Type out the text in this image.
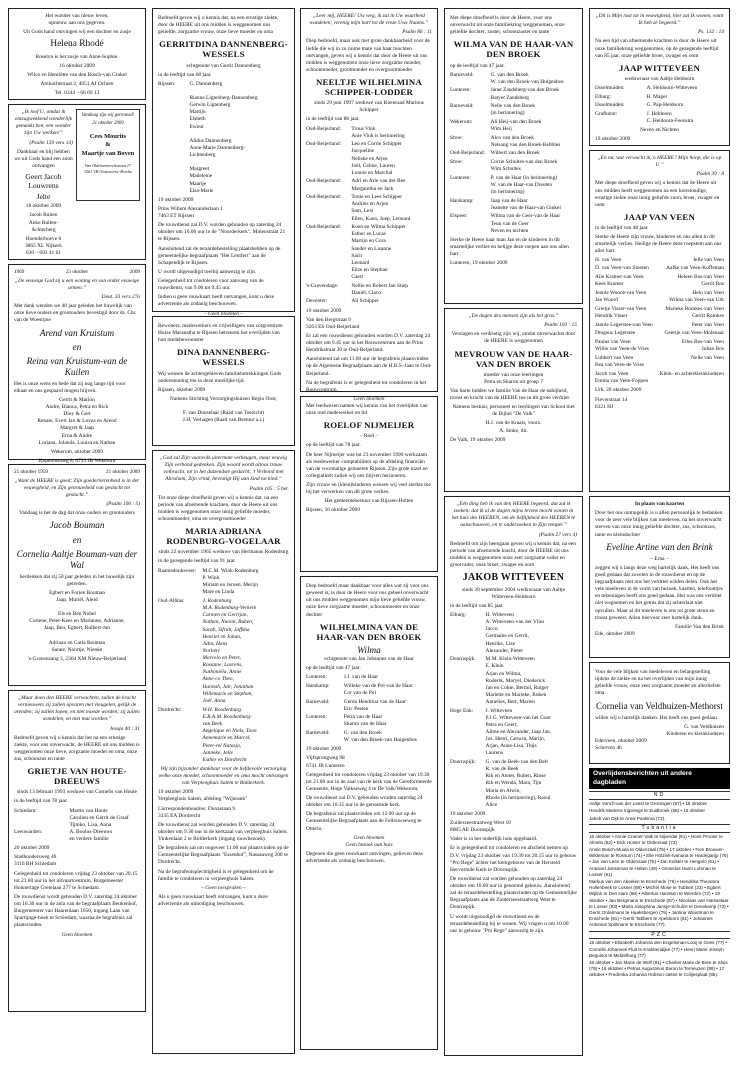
Het wonder van nieuw leven,
opnieuw aan ons gegeven.
Uit Gods hand ontvingen wij een dochter en zusje
Helena Rhodé
Roselyn is het zusje van Anne-Sophie.
16 oktober 2009
Wilco en Henriëtte van den Bosch-van Ginkel
Ambachtstraat 2, 4051 AJ Ochten
Tel. 0344 – 66 69 13
„Ik loof U, omdat ik ontzagwekkend wonderlijk gemaakt ben, een wonder zijn Uw werken!”
(Psalm 139 vers 14)
Dankbaar en blij hebben we uit Gods hand een zoon ontvangen
Geert Jacob
Louwrens
Jelte
18 oktober 2009
Jacob Ruiten
Anke Ruiten-
Achterberg
Hoenderhoeve 6
3865 XL Nijkerk
030 – 693 41 61
Vandaag zijn wij getrouwd!
21 oktober 2009
Cees Mourits
&
Maartje van Boven
Van Oldebarneveltstraat 17
3261 VB Oostvoorne-Brielse
1969	23 oktober	2009
„De eeuwige God zij u een woning en van onder eeuwige armen.”
Deut. 33 vers 27a
Met dank wenden we 40 jaar geleden het huwelijk van onze lieve ouders en grootouders bevestigd door ds. Chr. van de Woestijne
Arend van Kruistum
en
Reina van Kruistum-van de Kuilen
Het is onze wens en bede dat zij nog lange tijd voor elkaar en ons gespaard mogen blijven.
Gerrit & Marion
Andre, Bianca, Petra en Rick
Diny & Gert
Renate, Evert Jan & Lovea en Arend
Margret & Jaap
Erna & Andre
Loriana, Jolanda, Louisa en Nathan
Wekerom, oktober 2009
Koperenstoeg 8, 6733 JB Wekerom
21 oktober 1959	21 oktober 2009
„Want de HEERE is goed; Zijn goedertierenheid is in der eeuwigheid, en Zijn getrouwheid van geslacht tot geslacht.”
(Psalm 100 : 5)
Vandaag is het de dag dat onze ouders en grootouders
Jacob Bouman
en
Cornelia Aaltje Bouman-van der Wal
herdenken dat zij 50 jaar geleden in het huwelijk zijn getreden.
Egbert en Forien Bouman
Jaap, Muriël, Aleid

Els en Ben Nobel
Corlene, Peter-Kees en Marianne, Adrianne,
Jaap, Ben, Egbert, Rulbert-Jan

Adriaan en Carla Bouman
Sanne, Noortje, Nienke
's-Gravenzang 3, 2364 XM Nieuw-Beijerland
„Maar doen den HEERE verwachten, zullen de kracht vernieuwen; zij zullen opvaren met vleugelen, gelijk de arenden; zij zullen lopen, en niet moede worden; zij zullen wandelen, en niet mat worden.”
Jesaja 40 : 31
Bedroefd geven wij u kennis dat het na een ernstige ziekte, voor ons onverwacht, de HEERE uit ons midden is weggenomen onze lieve, zorgzame moeder en oma, onze zus, schoonzus en tante
GRIETJE VAN HOUTE-DREEUWS
sinds 13 februari 1993 weduwe van Cornelis van Houte
in de leeftijd van 78 jaar.
Schiedam:	Martin van Houte
Carolien en Gerrit de Graaf
Tijmko, Lisa, Anna
Leeuwarden:	A. Boulus-Dreeuws
en verdere familie
20 oktober 2009
Stadhoudersweg 46
3116 BH Schiedam
Gelegenheid tot condoleren vrijdag 23 oktober van 20.15 tot 21.00 uur in het uitvaartcentrum, Burgemeester Honnerlage Gretelaan 277 te Schiedam.
De rouwdienst wordt gehouden D.V. zaterdag 24 oktober om 10.30 uur in de aula van de begraafplaats Beukenhof, Burgemeester van Haarenlaan 1650, ingang Laan van Spartijnge-hoek te Schiedam, waarna de begrafenis zal plaatsvinden.
Geen bloemen
Bedroefd geven wij u kennis dat, na een ernstige ziekte, door de HEERE uit ons midden is weggenomen ons geliefde, zorgzame vrouw, onze lieve moeder en oma
GERRITDINA DANNENBERG-WESSELS
echtgenote van Gerrit Dannenberg
in de leeftijd van 68 jaar.
Rijssen:	G. Dannenberg

Rianne Ligtenberg-Dannenberg
Gerwin Ligtenberg
Martijn
Elsbeth
Ewout

Alidus Dannenberg
Anne-Marie Dannenberg-
Lichtenberg

Margreet
Madeleine
Maartje
Elsa-Marie
19 oktober 2009
Prins Willem Alexanderlaan 1
7463 ET Rijssen
De rouwdienst zal D.V. worden gehouden op zaterdag 24 oktober om 10.00 uur in de "Noorderkerk", Molenstraat 21 te Rijssen.
Aansluitend zal de teraardebestelling plaatshebben op de gemeentelijke begraafplaats "Het Lentfert" aan de Schapendijk te Rijssen.
U wordt uitgenodigd toerbij aanwezig te zijn.
Gelegenheid tot condoleren voor aanvang van de rouwdienst, van 9.00 tot 9.45 uur.
Indien u geen rouwkaart heeft ontvangen, kunt u deze advertentie als zodanig beschouwen.
– Geen bloemen –
Bewoners, medewerkers en vrijwilligers van zorgcentrum Huize Maranatha te Rijssen betreuren het overlijden van hun medebewoonster
DINA DANNENBERG-WESSELS
Wij wensen de achtergebleven familiebetrekkingen Gods ondersteuning toe in deze moeilijke tijd.
Rijssen, oktober 2009
Namens Stichting Verzorgingshuizen Regio Oost,

F. van Donselaar (Raad van Toezicht)
J.H. Verhagen (Raad van Bestuur a.i.)
„God zal Zijn vaanvolk uitermate verheugen, maar eeuwig Zijn verbond gedenken. Zijn woord wordt altoos trouw volbracht, tot in het duizendste geslacht; 't Verbond met Abraham, Zijn vrind, bevestigt Hij aan kind tot kind.”
Psalm 105 : 5 ber.
Tot onze diepe droefheid geven wij u kennis dat, na een periode van afnemende krachten, door de Heere uit ons midden is weggenomen onze innig geliefde moeder, schoonmoeder, oma en overgrootmoeder
MARIA ADRIANA RODENBURG-VOGELAAR
sinds 22 november 1965 weduwe van Hermanus Rodenburg
in de gezegende leeftijd van 91 jaar.
Raamsdonksveer:	M.C.M. Wink-Rodenburg
P. Wink
Miriam en Jeroen, Merijn
Mare en Linda
Oud-Alblas:	J. Rodenburg
M.A. Rodenburg-Verkerk
Carmen en Gerrijan,
Nathan, Naomi, Ruben,
Sarah, Sifrah, Jaffsha
Henriet en Johan,
Julia, Hans
Norbert
Marcelo en Peter,
Roxanne, Lavrens,
Nathoniëla, Annie
Anne-co Theo,
Hannah, Jair, Jonathan
Willemarie en Stephan,
Joël, Anna
Dordrecht:	W.H. Roodenburg
E.B.A.M. Roodenburg-
van Beek
Angelique en Niels, Toon
Annemarie en Marcel,
Peter-rei Natasja,
Janneke, Jelle
Esther en Dordrecht
Wij zijn bijzonder dankbaar voor de liefdevolle verzorging welke onze moeder, schoonmoeder en oma mocht ontvangen van Verpleeghuis Salem te Ridderkerk.
19 oktober 2009
Verpleeghuis Salem, afdeling "Wijnrank"
Correspondentieadres: Donzelaan 9
3335 EA Dordrecht
De rouwdienst zal worden gehouden D.V. zaterdag 24 oktober om 9.30 uur in de kerkzaal van verpleeghuis Salem, Vinkenlaan 2 te Ridderkerk (ingang rouwbezoek).
De begrafenis zal om ongeveer 11.00 uur plaatsvinden op de Gemeentelijke Begraafplaats "Essenhof", Nassauweg 200 te Dordrecht.
Na de begrafenisplechtigheid is er gelegenheid om de familie te condoleren in verpleeghuis Salem.
– Geen toespraken –
Als u geen rouwkaart heeft ontvangen, kunt u deze advertentie als uitnodiging beschouwen.
„Leer mij, HEERE! Uw weg, ik zal in Uw waarheid wandelen; verenig mijn hart tot de vreze Uws Naams.”
Psalm 86 : 11
Diep bedroefd, maar ook met grote dankbaarheid voor de liefde die wij in zo ruime mate van haar mochten ontvangen, geven wij u kennis dat door de Heere uit ons midden is weggenomen onze lieve zorgzame moeder, schoonmoeder, grootmoeder en overgrootmoeder
NEELTJE WILHELMINA SCHIPPER-LODDER
sinds 29 juni 1997 weduwe van Koenraad Marinus Schipper
in de leeftijd van 86 jaar.
Oud-Beijerland:	Truus Vink
Anie Vink is herinnering
Oud-Beijerland:	Leo en Corrie Schipper
Jacqueline
Neliske en Arjen
Joël, Celine, Lauren
Lonnie en Marchal
Oud-Beijerland:	Adri en Arie van der Bee
Margaretha en Jack
Oud-Beijerland:	Tonie en Lees Schipper
Andries en Arjen
Sam, Lexi
Ellen, Koen, Joep, Leonard
Oud-Beijerland:	Koen en Wilma Schipper
Esther en Lucas
Martijn en Cora
Sander en Lisanne
Sacir
Leonard
Elize en Stephan
Caert
's-Gravendage:	Nellie en Robert Jan Stiep
Daniël, Claco
Deventer:	Ali Schipper
19 oktober 2009
Van den Bergstraat 9
3263 ES Oud-Beijerland
Er zal een rouwdienst gehouden worden D.V. zaterdag 24 oktober om 9.45 uur in het Rouwcentrum aan de Prins Hendrikstraat 30 te Oud-Beijerland.
Aansluitend zal om 11.00 uur de begrafenis plaatsvinden op de Algemene Begraafplaats aan de H.B.S.-laan te Oud-Beijerland.
Na de begrafenis is er gelegenheid tot condoleren in het Rouwcentrum.
Geen bloemen
Met leedwezen namen wij kennis van het overlijden van onze oud medewerker en lid
ROELOF NIJMEIJER
– Roel –
op de leeftijd van 78 jaar.
De heer Nijmeijer was tot 23 november 1990 werkzaam als medewerker comptabiliteit op de afdeling financiën van de voormalige gemeente Rijssen. Zijn grote inzet en collegialiteit zullen wij ons blijven herinneren.
Zijn vrouw en (klein)kinderen wensen wij veel sterkte toe bij het verwerken van dit grote verlies.
Het gemeentebestuur van Rijssen-Holten
Rijssen, 16 oktober 2009
Diep bedroefd maar dankbaar voor alles wat zij voor ons geweest is, is door de Heere voor ons geheel onverwacht uit ons midden weggenomen mijn lieve geliefde vrouw, onze lieve zorgzame moeder, schoonmoeder en onze dochter
WILHELMINA VAN DE HAAR-VAN DEN BROEK
Wilma
echtgenote van Jan Johannes van de Haar
op de leeftijd van 47 jaar.
Lunteren:	J.J. van de Haar
Harskamp:	Willeke van de Pol-van de Haar
Cor van de Pol
Barneveld:	Gerda Hendrina van de Haar
Eric Peelen
Lunteren:	Petra van de Haar
Sharon van de Haar
Barneveld:	G. van den Broek
W. van den Broek-van Huigenbos
19 oktober 2009
Vijfsprongweg 98
6741 JB Lunteren
Gelegenheid tot condoleren vrijdag 23 oktober van 19.30 tot 21.00 uur in de zaal van de kerk van de Gereformeerde Gemeente, Hoge Valkseweg 4 te De Valk/Wekerom.
De rouwdienst zal D.V. gehouden worden zaterdag 24 oktober om 10.15 uur in de genoemde kerk.
De begrafenis zal plaatsvinden om 12.00 uur op de Gemeentelijke Begraafplaats aan de Fellouwseweg te Otterlo.
Geen bloemen
Geen bezoek aan huis
Degenen die geen rouwkaart ontvingen, gelieven deze advertentie als zodanig beschouwen.
Met diepe droefheid is door de Heere, voor ons onverwacht uit onze familiekring weggenomen, onze geliefde dochter, zuster, schoonzuster en tante
WILMA VAN DE HAAR-VAN DEN BROEK
op de leeftijd van 47 jaar.
Barneveld:	G. van den Broek
W. van den Broek-van Huigenbos
Lunteren:	Janet Zandsberg-van den Broek
Batyer Zandsberg
Barneveld:	Nelle van den Broek
(in herinnering)
Wekerom:	Ali Heij-van den Broek
Wim Heij
Stroe:	Alco van den Broek
Nelsang van den Broek-Rebbles
Oud-Beijerland:	Wilbert van den Broek
Stroe:	Corrie Schultes-van den Broek
Wim Schultes
Lunteren:	P. van de Haar (in herinnering)
W. van de Haar-van Dreuten
(in herinnering)
Harskamp:	Jaap van de Haar
Jeanette van de Haar-van Ginkel
Elspeet:	Wilma van de Geer-van de Haar
Teun van de Geer
Neven en nichten
Sterke de Heere haar man Jan en de kinderen in dit smartelijke verlies en belijge deze roepen aan ons allen hart.
Lunteren, 19 oktober 2009
„De dagen des mensen zijn als het gras.”
Psalm 103 : 15
Verslagen en verdrietig zijn wij, omdat onverwachts door de HEERE is weggenomen
MEVROUW VAN DE HAAR-VAN DEN BROEK
moeder van onze leerlingen
Petra en Sharon uit groep 7
Van harte bidden we familie Van de Haar de nabijheid, troost en kracht van de HEERE toe in dit grote verdriet.
Namens bestuur, personeel en leerlingen van School met de Bijbel "De Valk"
H.J. van de Kraats, voorz.
A. Sinke, dir.
De Valk, 19 oktober 2009
„Eén ding heb ik van den HEERE begeerd, dat zal ik zoeken: dat ik al de dagen mijns levens mocht wonen in het huis des HEEREN, om de lieflijkheid des HEEREN te aanschouwen, en te onderzoeken in Zijn tempel.”
(Psalm 27 vers 4)
Bedroefd om zijn heengaan geven wij u kennis dat, na een periode van afnemende kracht, door de HEERE uit ons midden is weggenomen onze zeer zorgzame vader en grootvader, onze broer, zwager en oom
JAKOB WITTEVEEN
sinds 28 september 2004 weduwnaar van Aaltje Witteveen-Heldoorn
in de leeftijd van 85 jaar.
Elburg:	H. Witteveen
A. Witteveen-van der Vlies
Jacco
Germaine en Gerrit,
Henrike, Lize
Alexander, Pieter
Doornspijk:	M.M. Klein-Witteveen
E. Klein
Arjan en Wilma,
Roderik, Maryel, Diederick
Jan en Cobie, Berthil, Rutger
Mariette en Marieke, Ruben
Annelies, Bert, Marien
Hoge Enk:	J. Witteveen
P.J.G. Witteveen-van het Goor
Petra en Geert,
Alime en Alexander, Jaap Jan,
Jos, Henri, Gerwin, Marijn,
Arjan, Anne-Lisa, Thijs
Laurens
Doornspijk:	G. van de Beek-van den Belt
R. van de Beek
Rik en Annet, Ruben, Rinse
Rik en Wenda, Mara, Tijn
Maria en Alwin,
Rhoda (in herinnering), Raoul
Alice
19 oktober 2009
Zuiderzeestraatweg West 10
8085 AE Doornspijk
Vader is in het ouderlijk huis opgebaard.
Er is gelegenheid tot condoleren en afscheid nemen op D.V. vrijdag 23 oktober van 19.30 tot 20.15 uur in gebouw "Pro Rege" achter het kerkgebouw van de Hersteld Hervormde Kerk te Doornspijk.
De rouwdienst zal worden gehouden op zaterdag 24 oktober om 10.00 uur in genoemd gebouw. Aansluitend zal de teraardebestelling plaatsvinden op de Gemeentelijke Begraafplaats aan de Zuiderzeestraatweg West te Doornspijk.
U wordt uitgenodigd de rouwdienst en de teraardebestelling bij te wonen. Wij vragen u om 10.00 uur in gebouw "Pro Rege" aanwezig te zijn.
„Dit is Mijn rust tot in eeuwigheid, hier zal Ik wonen, want Ik heb ze begeerd.”
Ps. 132 : 14
Na een tijd van afnemende krachten is door de Heere uit onze familiekring weggenomen, op de gezegende leeftijd van 85 jaar, onze geliefde broer, zwager en oom
JAAP WITTEVEEN
weduwnaar van Aaltje Heldoorn
IJsselmuiden:	A. Heldoorn-Witteveen
Elburg:	H. Mager
IJsselmuiden:	G. Pap-Heldoorn
Grafhorst:	J. Heldoorn
C. Heldoorn-Feenstra
Neven en Nichten
19 oktober 2009
„En nu, wat verwacht ik, o HEERE? Mijn hoop, die is op U.”
Psalm 39 : 8
Met diepe droefheid geven wij u kennis dat de Heere uit ons midden heeft weggenomen na een kortstondige, ernstige ziekte onze innig geliefde zoon, broer, zwager en oom
JAAP VAN VEEN
in de leeftijd van 48 jaar.
Sterke de Heere zijn vrouw, kinderen en ons allen in dit smartelijk verlies. Heilige de Heere deze roepstem aan ons aller hart.
H. van Veen
D. van Veen-van Slooten
Jelle van Veen
Aafke van Veen-Koffeman
Alie Kramer-van Veen
Kees Kramer
Heleen Bos-van Veen
Gerrit Bos
Jennie Woord-van Veen
Jan Woord
Hein van Veen
Wilma van Veen-van Urk
Grietje Visser-van Veen
Hendrik Visser
Marieke Romkes-van Veen
Gerrit Romkes
Jannie Legerstee-van Veen
Dingeus Legerstee
Peter van Veen
Geertje van Veen-Molenaar
Paulus van Veen
Willie van Veen-de Vries
Elles Bos-van Veen
Johan Bos
Lubbert van Veen
Bea van Veen-de Vries
Nelle van Veen
Jacob van Veen
Emma van Veen-Foppen
Klein- en achterkleinkinderen
Urk, 20 oktober 2009
Fleverstraat 14
8321 HJ
In plaats van kaarten
Door het ons onmogelijk is u allen persoonlijk te bedanken voor de zeer vele blijken van meeleven, na het onverwacht sterven van onze innig geliefde dochter, zus, schoonzus, tante en kleindochter
Eveline Artine van den Brink
– Erna –
zeggen wij u langs deze weg hartelijk dank. Het heeft ons goed gedaan dat zovelen in de rouwdienst en op de begraafplaats met ons het verdriet wilden delen. Ook het vele meeleven in de vorm van bezoek, kaarten, telefoontjes en tekeningen heeft ons goed gedaan. Het was ons verdriet niet wegnemen en het gemis dat zij achterlaat niet opvullen. Maar al dit meeleven is ons tot grote steun en troost geweest. Allen hiervoor zeer hartelijk dank.
Familie Van den Brink
Ede, oktober 2009
Voor de vele blijken van medeleven en belangstelling tijdens de ziekte en na het overlijden van mijn innig geliefde vrouw, onze zeer zorgzame moeder en allerliefste oma
Cornelia van Veldhuizen-Methorst
willen wij u hartelijk danken. Het heeft ons goed gedaan.
G. van Veldhuizen
Kinderen en kleinkinderen
Ederveen, oktober 2009
Scherven 4b
Overlijdensberichten uit andere dagbladen
ND
Aaltje Vonch-van der Leest te Groningen (87) • 18 oktober
Hendrik Martens Ingenegs te Zuidbroek (68) • 15 oktober
Jakob van Dijk te Arnw Poalsma (73).
Tubantia
16 oktober • Annie Cramer-Valk te Nijverdal (81) • Henk Prooier te Almelo (52) • Dick Hoster te Oldenzaal (73)
Annie Bosch-Muula te Oldenzaal (75) • 17 oktober • Fien Brouwer-Wildeman te Rossum (74) • Elie Hotzink-Ivanuna te Hardegarijp (76) • Jan van Leen te Oldenzaal (75) • Jan Kolster te Hengelo (61) • Antoinet Janssman te Holten (49) • Gerardus Harm Lohman te Losser (61)
Markus van den Abeelen te Enschede (76) • Hendrika Theodora Hollenbeek te Losser (88) • Michel Mose te Tubbert (23) • Egbert Wijlink te Den Ham (66) • Albertus Hanssen te Wierden (72) • 19 oktober • Jan Bergmann te Enschede (87) • Nicolaas van Harsselaar te Losser (93) • Maria Josephina Jansje-Schulze te Denekamp (73) • Gerrit Ordelmans te Haaksbergen (75) • Jantina Woertman te Enschede (91) • Gerrit Tabbers te Apeldoorn (61) • Johannes Antonius Spillmann te Enschede (77).
PZC
15 oktober • Elisabeth Johanna den Engelsman-Looij te Goes (77) • Cornelis Johannes Fluit te Krabbendijke (77) • Henri Marie Joseph Beguinot te Middelburg (77)
16 oktober • Jan Marie de Wolf (81) • Charles Marie de Bree te Sluis (78) • 16 oktober • Petrus Augustinus Baron te Terneuzen (89) • 17 oktober • Frederika Johanna Hobson-Jasse te Colijnsplaat (85).
